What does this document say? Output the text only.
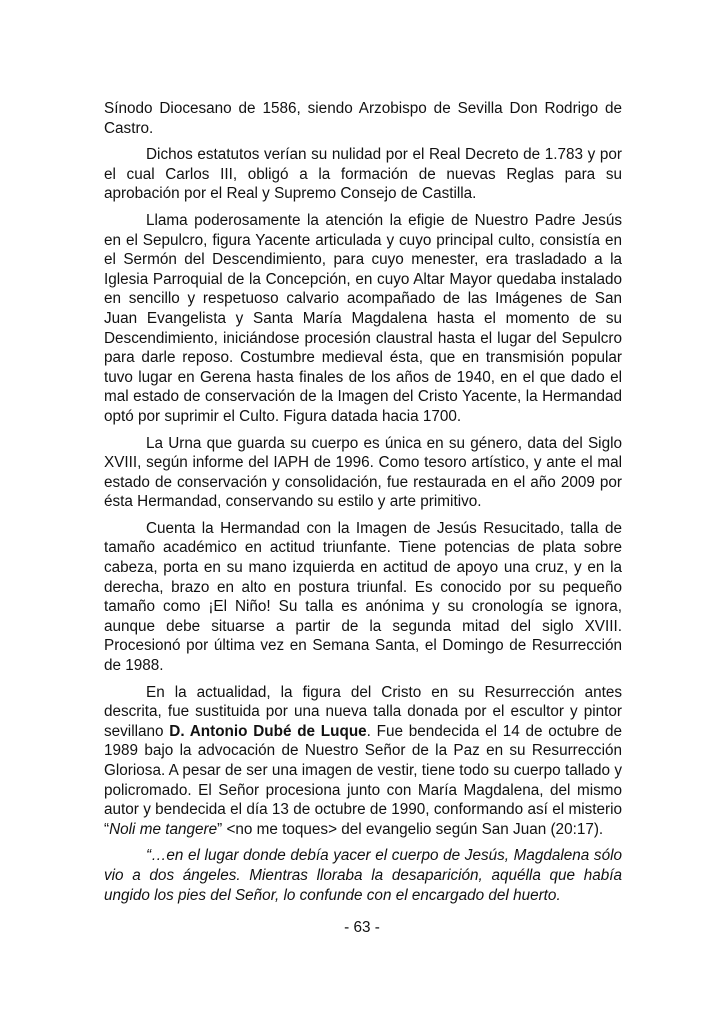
Sínodo Diocesano de 1586, siendo Arzobispo de Sevilla Don Rodrigo de Castro.

Dichos estatutos verían su nulidad por el Real Decreto de 1.783 y por el cual Carlos III, obligó a la formación de nuevas Reglas para su aprobación por el Real y Supremo Consejo de Castilla.

Llama poderosamente la atención la efigie de Nuestro Padre Jesús en el Sepulcro, figura Yacente articulada y cuyo principal culto, consistía en el Sermón del Descendimiento, para cuyo menester, era trasladado a la Iglesia Parroquial de la Concepción, en cuyo Altar Mayor quedaba instalado en sencillo y respetuoso calvario acompañado de las Imágenes de San Juan Evangelista y Santa María Magdalena hasta el momento de su Descendimiento, iniciándose procesión claustral hasta el lugar del Sepulcro para darle reposo. Costumbre medieval ésta, que en transmisión popular tuvo lugar en Gerena hasta finales de los años de 1940, en el que dado el mal estado de conservación de la Imagen del Cristo Yacente, la Hermandad optó por suprimir el Culto. Figura datada hacia 1700.

La Urna que guarda su cuerpo es única en su género, data del Siglo XVIII, según informe del IAPH de 1996. Como tesoro artístico, y ante el mal estado de conservación y consolidación, fue restaurada en el año 2009 por ésta Hermandad, conservando su estilo y arte primitivo.

Cuenta la Hermandad con la Imagen de Jesús Resucitado, talla de tamaño académico en actitud triunfante. Tiene potencias de plata sobre cabeza, porta en su mano izquierda en actitud de apoyo una cruz, y en la derecha, brazo en alto en postura triunfal. Es conocido por su pequeño tamaño como ¡El Niño! Su talla es anónima y su cronología se ignora, aunque debe situarse a partir de la segunda mitad del siglo XVIII. Procesionó por última vez en Semana Santa, el Domingo de Resurrección de 1988.

En la actualidad, la figura del Cristo en su Resurrección antes descrita, fue sustituida por una nueva talla donada por el escultor y pintor sevillano D. Antonio Dubé de Luque. Fue bendecida el 14 de octubre de 1989 bajo la advocación de Nuestro Señor de la Paz en su Resurrección Gloriosa. A pesar de ser una imagen de vestir, tiene todo su cuerpo tallado y policromado. El Señor procesiona junto con María Magdalena, del mismo autor y bendecida el día 13 de octubre de 1990, conformando así el misterio “Noli me tangere” <no me toques> del evangelio según San Juan (20:17).

“…en el lugar donde debía yacer el cuerpo de Jesús, Magdalena sólo vio a dos ángeles. Mientras lloraba la desaparición, aquélla que había ungido los pies del Señor, lo confunde con el encargado del huerto.

- 63 -
